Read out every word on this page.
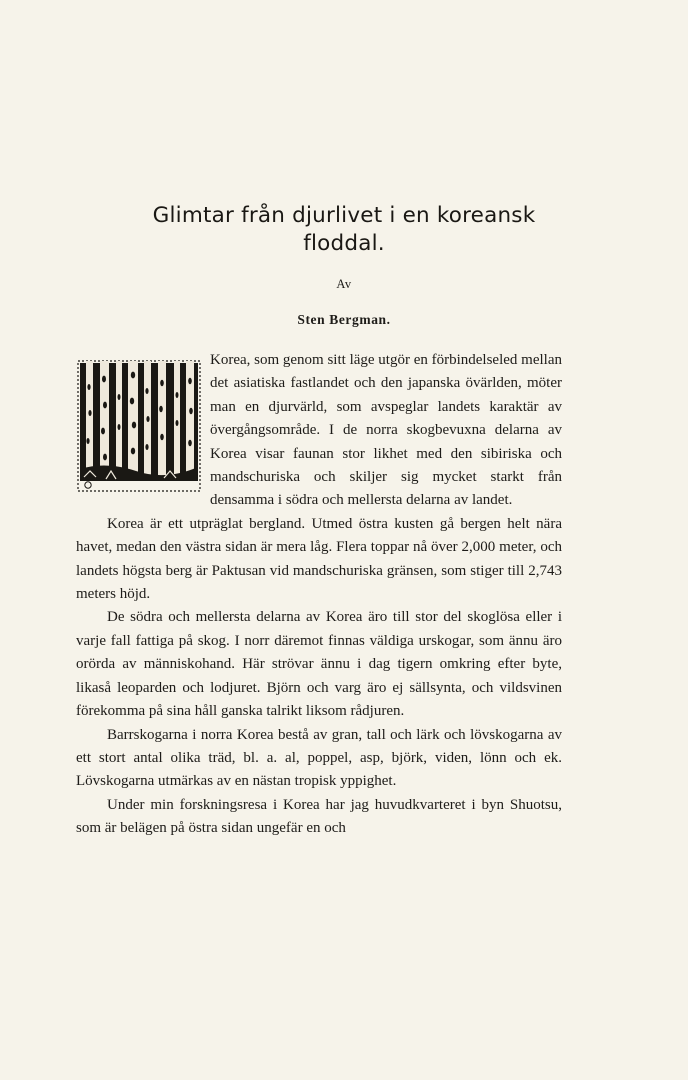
Glimtar från djurlivet i en koreansk
floddal.
Av
Sten Bergman.

Korea, som genom sitt läge utgör en förbindelseled mellan det asiatiska fastlandet och den japanska övärlden, möter man en djurvärld, som avspeglar landets karaktär av övergångsområde. I de norra skogbevuxna delarna av Korea visar faunan stor likhet med den sibiriska och mandschuriska och skiljer sig mycket starkt från densamma i södra och mellersta delarna av landet.

Korea är ett utpräglat bergland. Utmed östra kusten gå bergen helt nära havet, medan den västra sidan är mera låg. Flera toppar nå över 2,000 meter, och landets högsta berg är Paktusan vid mandschuriska gränsen, som stiger till 2,743 meters höjd.

De södra och mellersta delarna av Korea äro till stor del skoglösa eller i varje fall fattiga på skog. I norr däremot finnas väldiga urskogar, som ännu äro orörda av människohand. Här strövar ännu i dag tigern omkring efter byte, likaså leoparden och lodjuret. Björn och varg äro ej sällsynta, och vildsvinen förekomma på sina håll ganska talrikt liksom rådjuren.

Barrskogarna i norra Korea bestå av gran, tall och lärk och lövskogarna av ett stort antal olika träd, bl. a. al, poppel, asp, björk, viden, lönn och ek. Lövskogarna utmärkas av en nästan tropisk yppighet.

Under min forskningsresa i Korea har jag huvudkvarteret i byn Shuotsu, som är belägen på östra sidan ungefär en och
